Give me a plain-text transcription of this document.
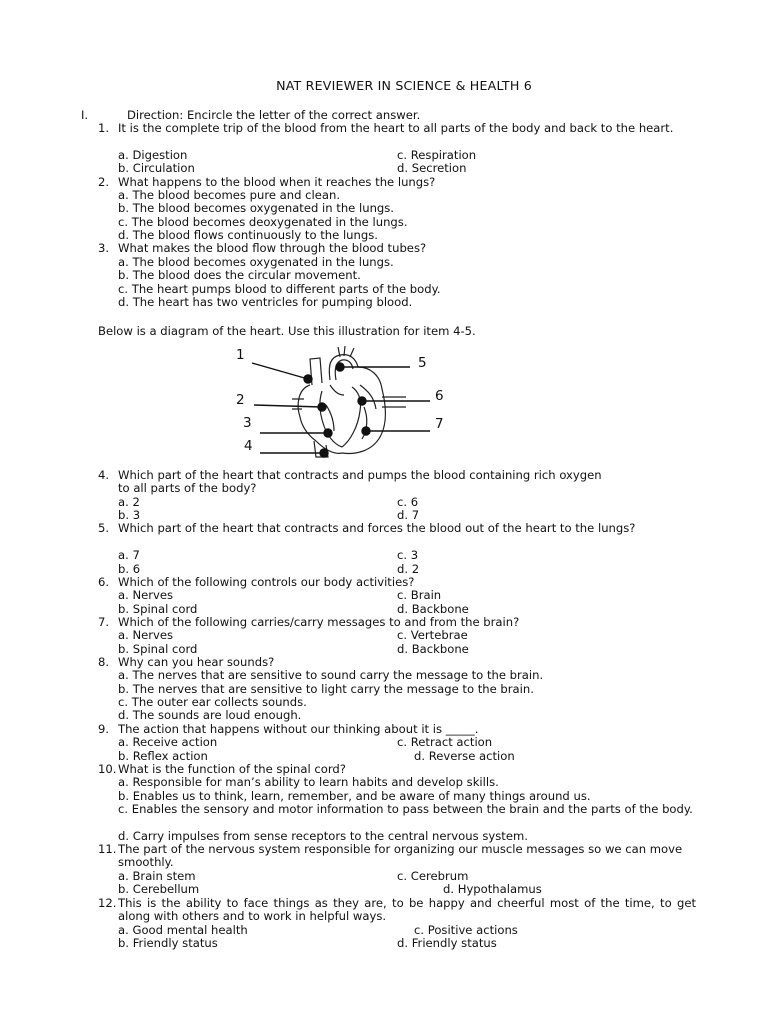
NAT REVIEWER IN SCIENCE & HEALTH 6
I.	Direction: Encircle the letter of the correct answer.
1. It is the complete trip of the blood from the heart to all parts of the body and back to the heart.
a. Digestion	c. Respiration
b. Circulation	d. Secretion
2. What happens to the blood when it reaches the lungs?
a. The blood becomes pure and clean.
b. The blood becomes oxygenated in the lungs.
c. The blood becomes deoxygenated in the lungs.
d. The blood flows continuously to the lungs.
3. What makes the blood flow through the blood tubes?
a. The blood becomes oxygenated in the lungs.
b. The blood does the circular movement.
c. The heart pumps blood to different parts of the body.
d. The heart has two ventricles for pumping blood.
Below is a diagram of the heart. Use this illustration for item 4-5.
1
2
3
4
5
6
7
4. Which part of the heart that contracts and pumps the blood containing rich oxygen
to all parts of the body?
a. 2	c. 6
b. 3	d. 7
5. Which part of the heart that contracts and forces the blood out of the heart to the lungs?
a. 7	c. 3
b. 6	d. 2
6. Which of the following controls our body activities?
a. Nerves	c. Brain
b. Spinal cord	d. Backbone
7. Which of the following carries/carry messages to and from the brain?
a. Nerves	c. Vertebrae
b. Spinal cord	d. Backbone
8. Why can you hear sounds?
a. The nerves that are sensitive to sound carry the message to the brain.
b. The nerves that are sensitive to light carry the message to the brain.
c. The outer ear collects sounds.
d. The sounds are loud enough.
9. The action that happens without our thinking about it is _____.
a. Receive action	c. Retract action
b. Reflex action	d. Reverse action
10. What is the function of the spinal cord?
a. Responsible for man’s ability to learn habits and develop skills.
b. Enables us to think, learn, remember, and be aware of many things around us.
c. Enables the sensory and motor information to pass between the brain and the parts of the body.
d. Carry impulses from sense receptors to the central nervous system.
11. The part of the nervous system responsible for organizing our muscle messages so we can move smoothly.
a. Brain stem	c. Cerebrum
b. Cerebellum	d. Hypothalamus
12. This is the ability to face things as they are, to be happy and cheerful most of the time, to get along with others and to work in helpful ways.
a. Good mental health	c. Positive actions
b. Friendly status	d. Friendly status
